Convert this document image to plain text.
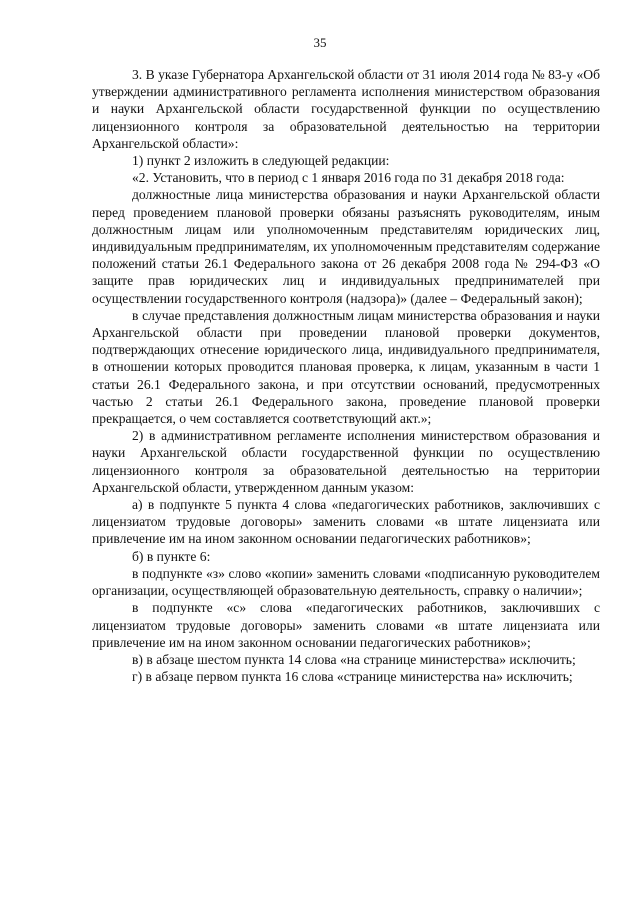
35

3. В указе Губернатора Архангельской области от 31 июля 2014 года № 83-у «Об утверждении административного регламента исполнения министерством образования и науки Архангельской области государственной функции по осуществлению лицензионного контроля за образовательной деятельностью на территории Архангельской области»:

1) пункт 2 изложить в следующей редакции:

«2. Установить, что в период с 1 января 2016 года по 31 декабря 2018 года:

должностные лица министерства образования и науки Архангельской области перед проведением плановой проверки обязаны разъяснять руководителям, иным должностным лицам или уполномоченным представителям юридических лиц, индивидуальным предпринимателям, их уполномоченным представителям содержание положений статьи 26.1 Федерального закона от 26 декабря 2008 года № 294-ФЗ «О защите прав юридических лиц и индивидуальных предпринимателей при осуществлении государственного контроля (надзора)» (далее – Федеральный закон);

в случае представления должностным лицам министерства образования и науки Архангельской области при проведении плановой проверки документов, подтверждающих отнесение юридического лица, индивидуального предпринимателя, в отношении которых проводится плановая проверка, к лицам, указанным в части 1 статьи 26.1 Федерального закона, и при отсутствии оснований, предусмотренных частью 2 статьи 26.1 Федерального закона, проведение плановой проверки прекращается, о чем составляется соответствующий акт.»;

2) в административном регламенте исполнения министерством образования и науки Архангельской области государственной функции по осуществлению лицензионного контроля за образовательной деятельностью на территории Архангельской области, утвержденном данным указом:

а) в подпункте 5 пункта 4 слова «педагогических работников, заключивших с лицензиатом трудовые договоры» заменить словами «в штате лицензиата или привлечение им на ином законном основании педагогических работников»;

б) в пункте 6:

в подпункте «з» слово «копии» заменить словами «подписанную руководителем организации, осуществляющей образовательную деятельность, справку о наличии»;

в подпункте «с» слова «педагогических работников, заключивших с лицензиатом трудовые договоры» заменить словами «в штате лицензиата или привлечение им на ином законном основании педагогических работников»;

в) в абзаце шестом пункта 14 слова «на странице министерства» исключить;

г) в абзаце первом пункта 16 слова «странице министерства на» исключить;
